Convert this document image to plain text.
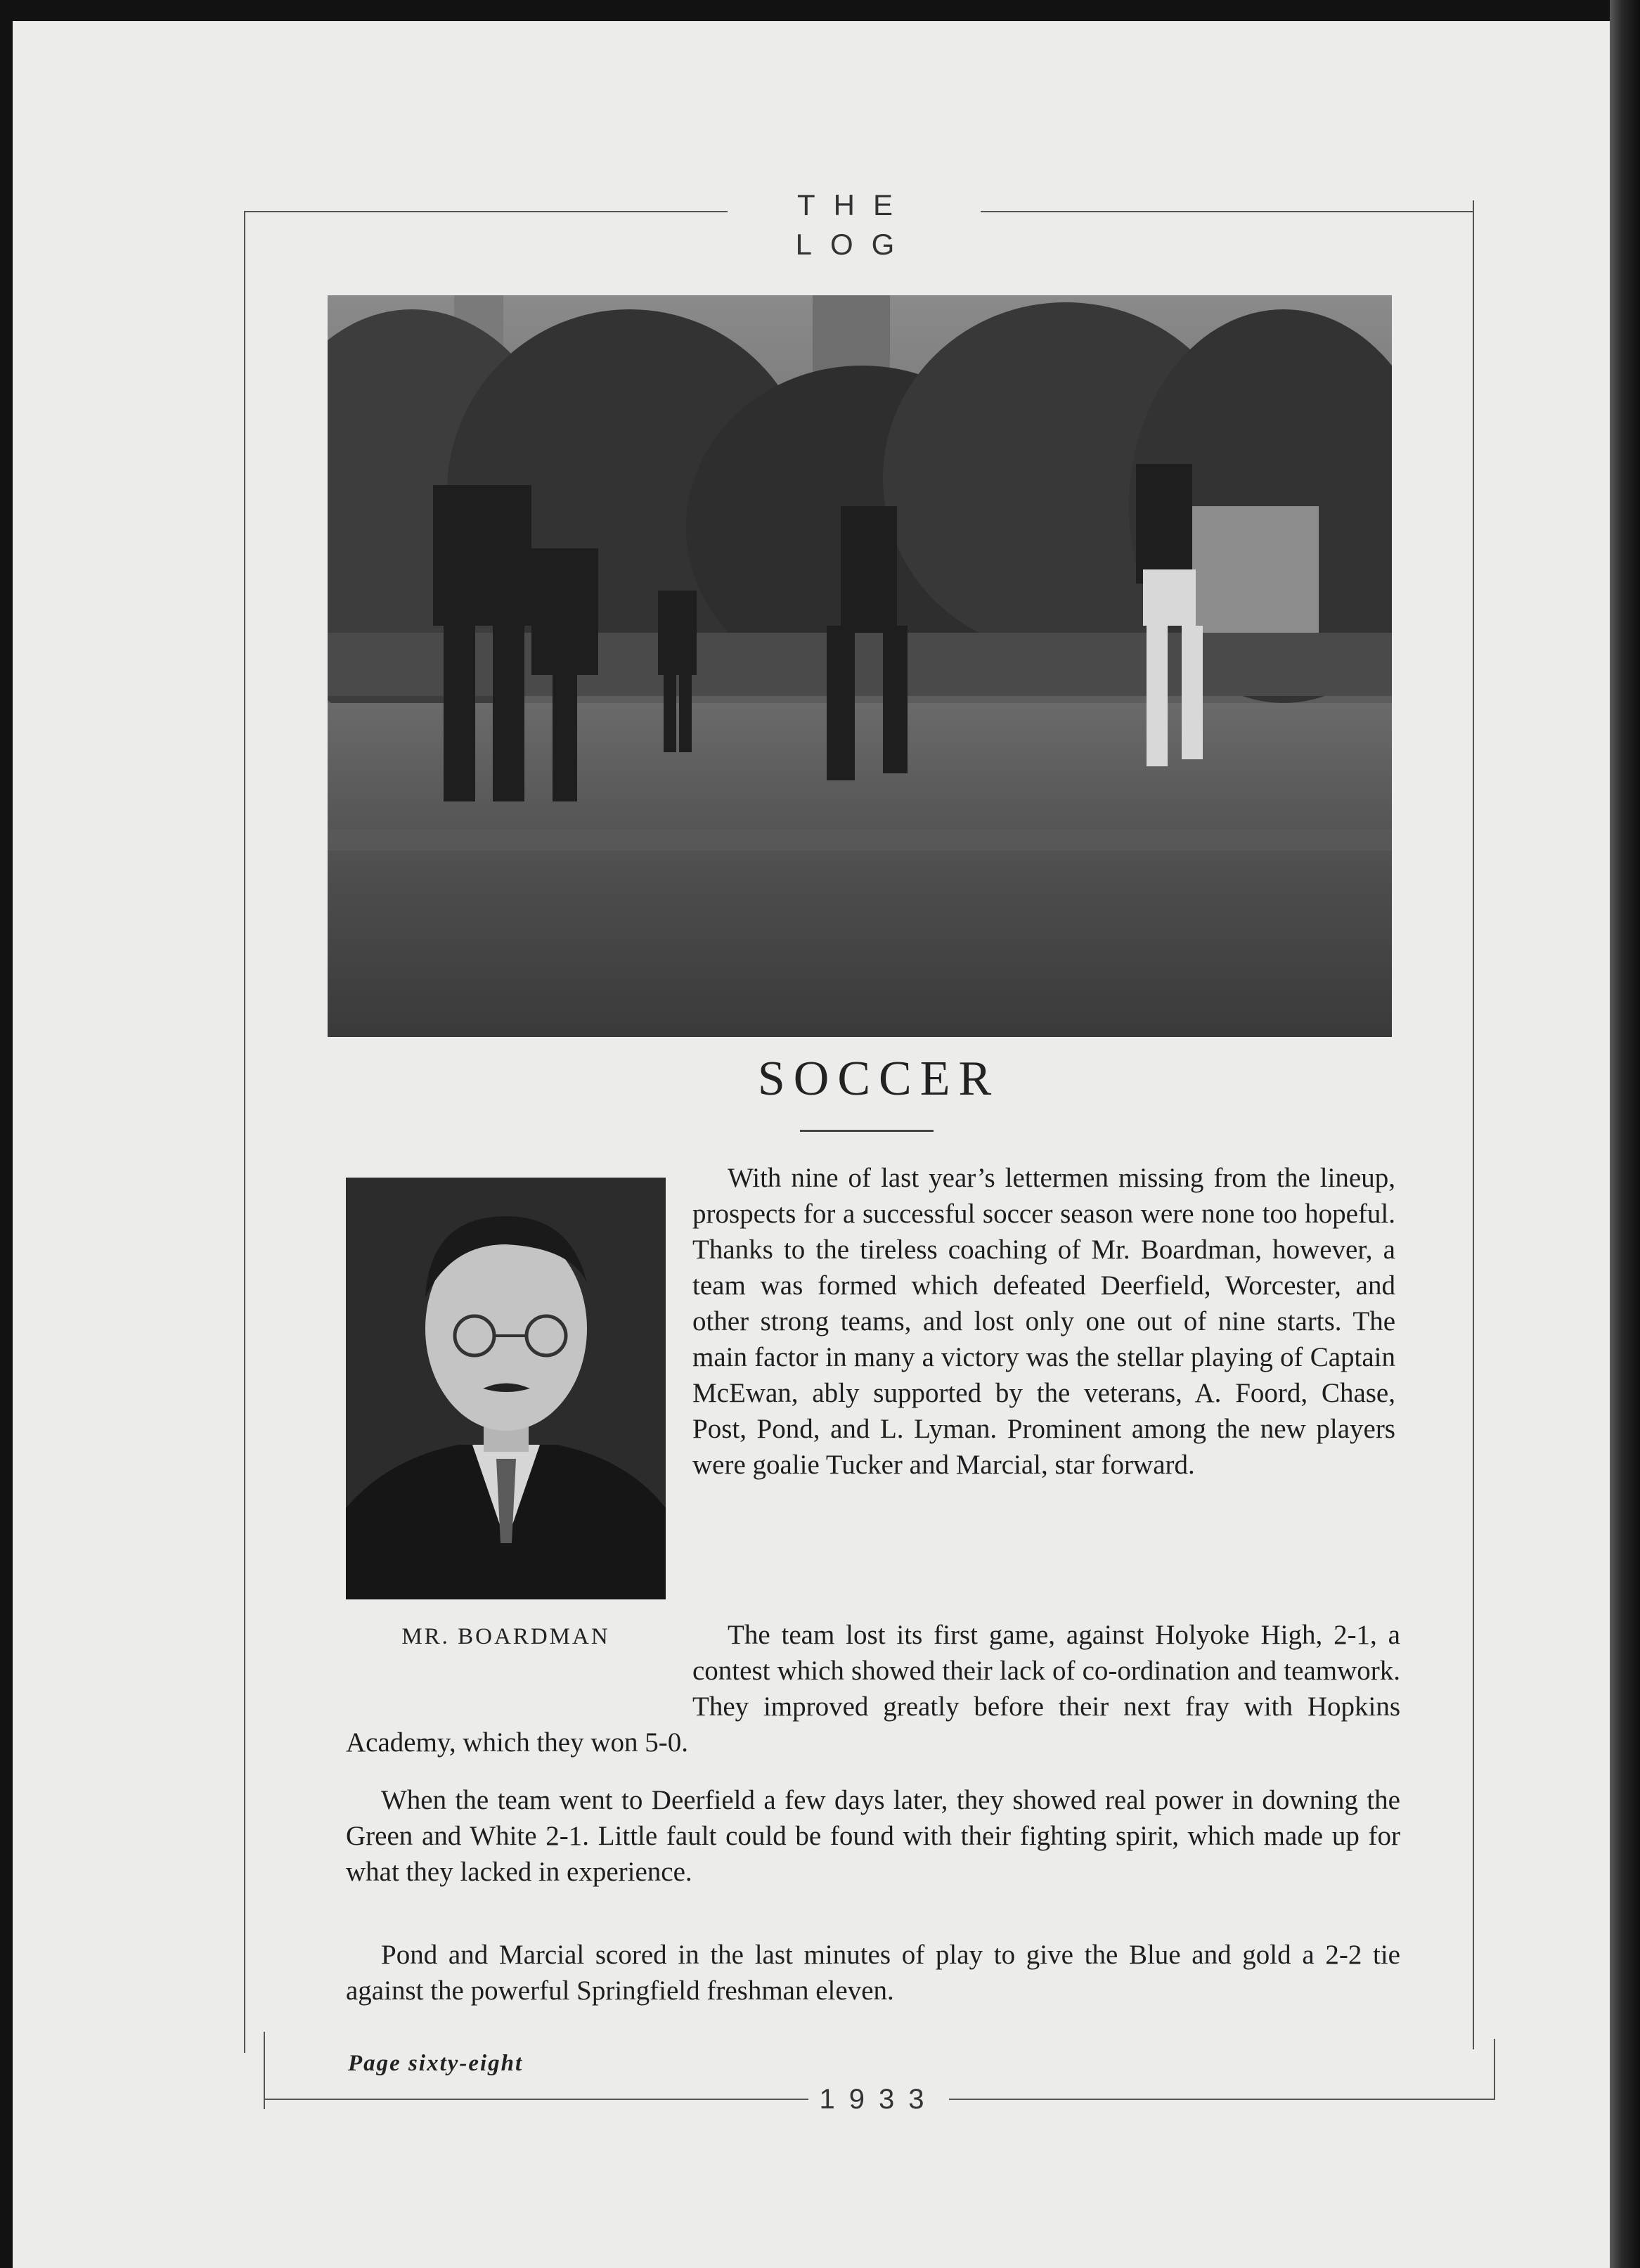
THE LOG
SOCCER
MR. BOARDMAN

With nine of last year’s lettermen missing from the lineup, prospects for a successful soccer season were none too hopeful. Thanks to the tireless coaching of Mr. Boardman, however, a team was formed which defeated Deerfield, Worcester, and other strong teams, and lost only one out of nine starts. The main factor in many a victory was the stellar playing of Captain McEwan, ably supported by the veterans, A. Foord, Chase, Post, Pond, and L. Lyman. Prominent among the new players were goalie Tucker and Marcial, star forward.

The team lost its first game, against Holyoke High, 2-1, a contest which showed their lack of co-ordination and teamwork. They improved greatly before their next fray with Hopkins Academy, which they won 5-0.

When the team went to Deerfield a few days later, they showed real power in downing the Green and White 2-1. Little fault could be found with their fighting spirit, which made up for what they lacked in experience.

Pond and Marcial scored in the last minutes of play to give the Blue and gold a 2-2 tie against the powerful Springfield freshman eleven.

Page sixty-eight
1933
